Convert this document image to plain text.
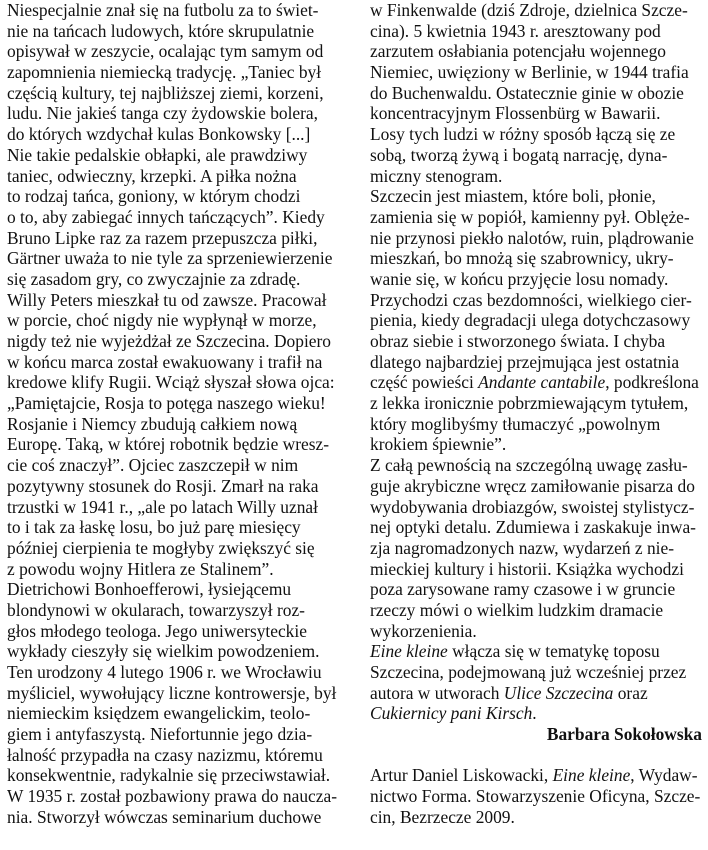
Niespecjalnie znał się na futbolu za to świet-
nie na tańcach ludowych, które skrupulatnie
opisywał w zeszycie, ocalając tym samym od
zapomnienia niemiecką tradycję. „Taniec był
częścią kultury, tej najbliższej ziemi, korzeni,
ludu. Nie jakieś tanga czy żydowskie bolera,
do których wzdychał kulas Bonkowsky [...]
Nie takie pedalskie obłapki, ale prawdziwy
taniec, odwieczny, krzepki. A piłka nożna
to rodzaj tańca, goniony, w którym chodzi
o to, aby zabiegać innych tańczących”. Kiedy
Bruno Lipke raz za razem przepuszcza piłki,
Gärtner uważa to nie tyle za sprzeniewierzenie
się zasadom gry, co zwyczajnie za zdradę.
Willy Peters mieszkał tu od zawsze. Pracował
w porcie, choć nigdy nie wypłynął w morze,
nigdy też nie wyjeżdżał ze Szczecina. Dopiero
w końcu marca został ewakuowany i trafił na
kredowe klify Rugii. Wciąż słyszał słowa ojca:
„Pamiętajcie, Rosja to potęga naszego wieku!
Rosjanie i Niemcy zbudują całkiem nową
Europę. Taką, w której robotnik będzie wresz-
cie coś znaczył”. Ojciec zaszczepił w nim
pozytywny stosunek do Rosji. Zmarł na raka
trzustki w 1941 r., „ale po latach Willy uznał
to i tak za łaskę losu, bo już parę miesięcy
później cierpienia te mogłyby zwiększyć się
z powodu wojny Hitlera ze Stalinem”.
Dietrichowi Bonhoefferowi, łysiejącemu
blondynowi w okularach, towarzyszył roz-
głos młodego teologa. Jego uniwersyteckie
wykłady cieszyły się wielkim powodzeniem.
Ten urodzony 4 lutego 1906 r. we Wrocławiu
myśliciel, wywołujący liczne kontrowersje, był
niemieckim księdzem ewangelickim, teolo-
giem i antyfaszystą. Niefortunnie jego dzia-
łalność przypadła na czasy nazizmu, któremu
konsekwentnie, radykalnie się przeciwstawiał.
W 1935 r. został pozbawiony prawa do naucza-
nia. Stworzył wówczas seminarium duchowe
w Finkenwalde (dziś Zdroje, dzielnica Szcze-
cina). 5 kwietnia 1943 r. aresztowany pod
zarzutem osłabiania potencjału wojennego
Niemiec, uwięziony w Berlinie, w 1944 trafia
do Buchenwaldu. Ostatecznie ginie w obozie
koncentracyjnym Flossenbürg w Bawarii.
Losy tych ludzi w różny sposób łączą się ze
sobą, tworzą żywą i bogatą narrację, dyna-
miczny stenogram.
Szczecin jest miastem, które boli, płonie,
zamienia się w popiół, kamienny pył. Oblęże-
nie przynosi piekło nalotów, ruin, plądrowanie
mieszkań, bo mnożą się szabrownicy, ukry-
wanie się, w końcu przyjęcie losu nomady.
Przychodzi czas bezdomności, wielkiego cier-
pienia, kiedy degradacji ulega dotychczasowy
obraz siebie i stworzonego świata. I chyba
dlatego najbardziej przejmująca jest ostatnia
część powieści Andante cantabile, podkreślona
z lekka ironicznie pobrzmiewającym tytułem,
który moglibyśmy tłumaczyć „powolnym
krokiem śpiewnie”.
Z całą pewnością na szczególną uwagę zasłu-
guje akrybiczne wręcz zamiłowanie pisarza do
wydobywania drobiazgów, swoistej stylistycz-
nej optyki detalu. Zdumiewa i zaskakuje inwa-
zja nagromadzonych nazw, wydarzeń z nie-
mieckiej kultury i historii. Książka wychodzi
poza zarysowane ramy czasowe i w gruncie
rzeczy mówi o wielkim ludzkim dramacie
wykorzenienia.
Eine kleine włącza się w tematykę toposu
Szczecina, podejmowaną już wcześniej przez
autora w utworach Ulice Szczecina oraz
Cukiernicy pani Kirsch.
Barbara Sokołowska
Artur Daniel Liskowacki, Eine kleine, Wydaw-
nictwo Forma. Stowarzyszenie Oficyna, Szcze-
cin, Bezrzecze 2009.
